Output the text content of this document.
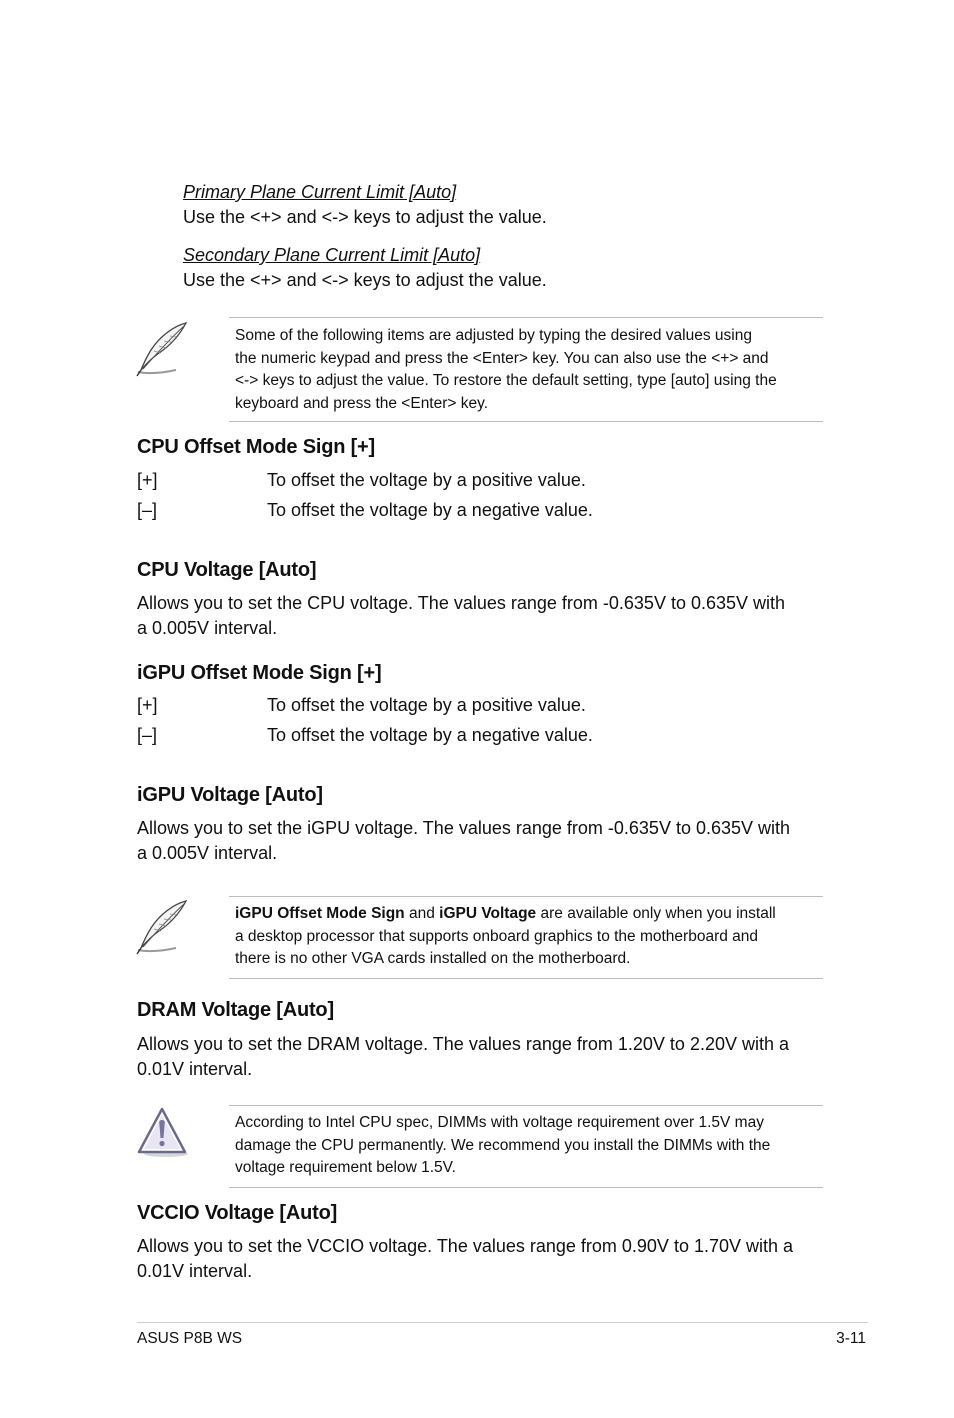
Primary Plane Current Limit [Auto]
Use the <+> and <-> keys to adjust the value.
Secondary Plane Current Limit [Auto]
Use the <+> and <-> keys to adjust the value.
Some of the following items are adjusted by typing the desired values using
the numeric keypad and press the <Enter> key. You can also use the <+> and
<-> keys to adjust the value. To restore the default setting, type [auto] using the
keyboard and press the <Enter> key.
CPU Offset Mode Sign [+]
[+]	To offset the voltage by a positive value.
[–]	To offset the voltage by a negative value.
CPU Voltage [Auto]
Allows you to set the CPU voltage. The values range from -0.635V to 0.635V with
a 0.005V interval.
iGPU Offset Mode Sign [+]
[+]	To offset the voltage by a positive value.
[–]	To offset the voltage by a negative value.
iGPU Voltage [Auto]
Allows you to set the iGPU voltage. The values range from -0.635V to 0.635V with
a 0.005V interval.
iGPU Offset Mode Sign and iGPU Voltage are available only when you install
a desktop processor that supports onboard graphics to the motherboard and
there is no other VGA cards installed on the motherboard.
DRAM Voltage [Auto]
Allows you to set the DRAM voltage. The values range from 1.20V to 2.20V with a
0.01V interval.
According to Intel CPU spec, DIMMs with voltage requirement over 1.5V may
damage the CPU permanently. We recommend you install the DIMMs with the
voltage requirement below 1.5V.
VCCIO Voltage [Auto]
Allows you to set the VCCIO voltage. The values range from 0.90V to 1.70V with a
0.01V interval.
ASUS P8B WS	3-11
